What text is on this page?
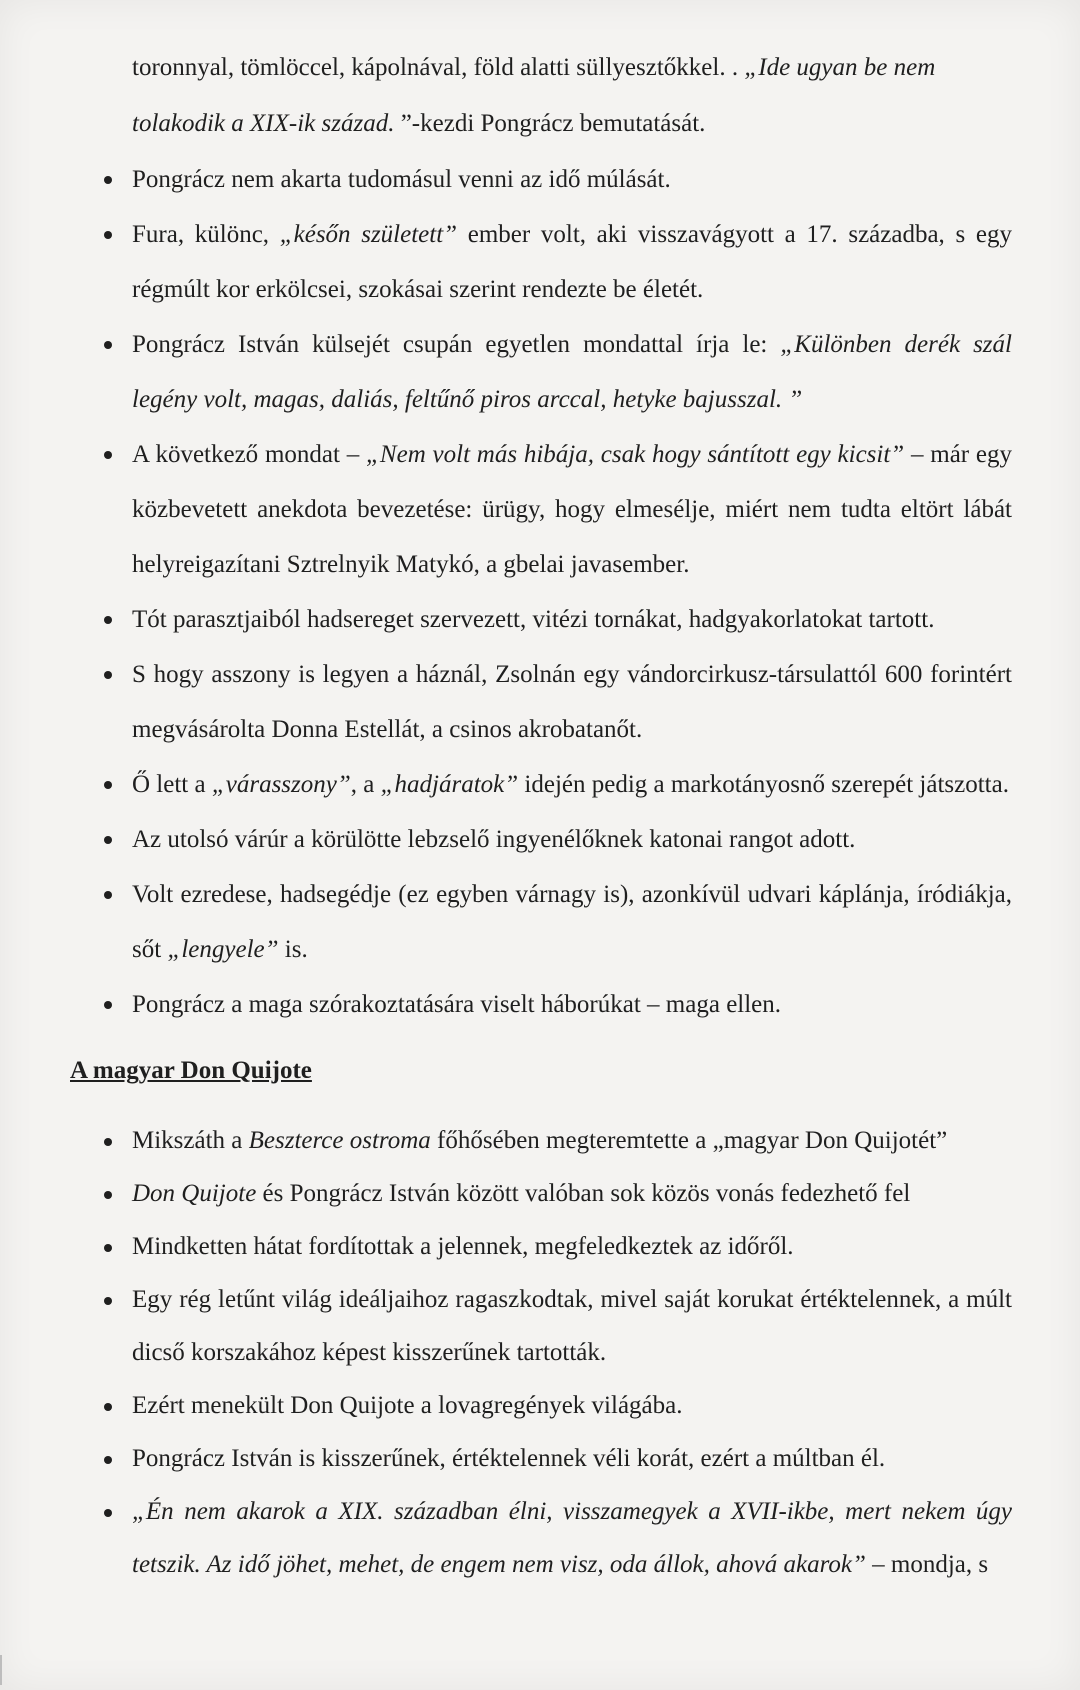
toronnyal, tömlöccel, kápolnával, föld alatti süllyesztőkkel. . „Ide ugyan be nem tolakodik a XIX-ik század. ”-kezdi Pongrácz bemutatását.

Pongrácz nem akarta tudomásul venni az idő múlását.
Fura, különc, „későn született” ember volt, aki visszavágyott a 17. századba, s egy régmúlt kor erkölcsei, szokásai szerint rendezte be életét.
Pongrácz István külsejét csupán egyetlen mondattal írja le: „Különben derék szál legény volt, magas, daliás, feltűnő piros arccal, hetyke bajusszal. ”
A következő mondat – „Nem volt más hibája, csak hogy sántított egy kicsit” – már egy közbevetett anekdota bevezetése: ürügy, hogy elmesélje, miért nem tudta eltört lábát helyreigazítani Sztrelnyik Matykó, a gbelai javasember.
Tót parasztjaiból hadsereget szervezett, vitézi tornákat, hadgyakorlatokat tartott.
S hogy asszony is legyen a háznál, Zsolnán egy vándorcirkusz-társulattól 600 forintért megvásárolta Donna Estellát, a csinos akrobatanőt.
Ő lett a „várasszony”, a „hadjáratok” idején pedig a markotányosnő szerepét játszotta.
Az utolsó várúr a körülötte lebzselő ingyenélőknek katonai rangot adott.
Volt ezredese, hadsegédje (ez egyben várnagy is), azonkívül udvari káplánja, íródiákja, sőt „lengyele” is.
Pongrácz a maga szórakoztatására viselt háborúkat – maga ellen.
A magyar Don Quijote
Mikszáth a Beszterce ostroma főhősében megteremtette a „magyar Don Quijotét”
Don Quijote és Pongrácz István között valóban sok közös vonás fedezhető fel
Mindketten hátat fordítottak a jelennek, megfeledkeztek az időről.
Egy rég letűnt világ ideáljaihoz ragaszkodtak, mivel saját korukat értéktelennek, a múlt dicső korszakához képest kisszerűnek tartották.
Ezért menekült Don Quijote a lovagregények világába.
Pongrácz István is kisszerűnek, értéktelennek véli korát, ezért a múltban él.
„Én nem akarok a XIX. században élni, visszamegyek a XVII-ikbe, mert nekem úgy tetszik. Az idő jöhet, mehet, de engem nem visz, oda állok, ahová akarok” – mondja, s
